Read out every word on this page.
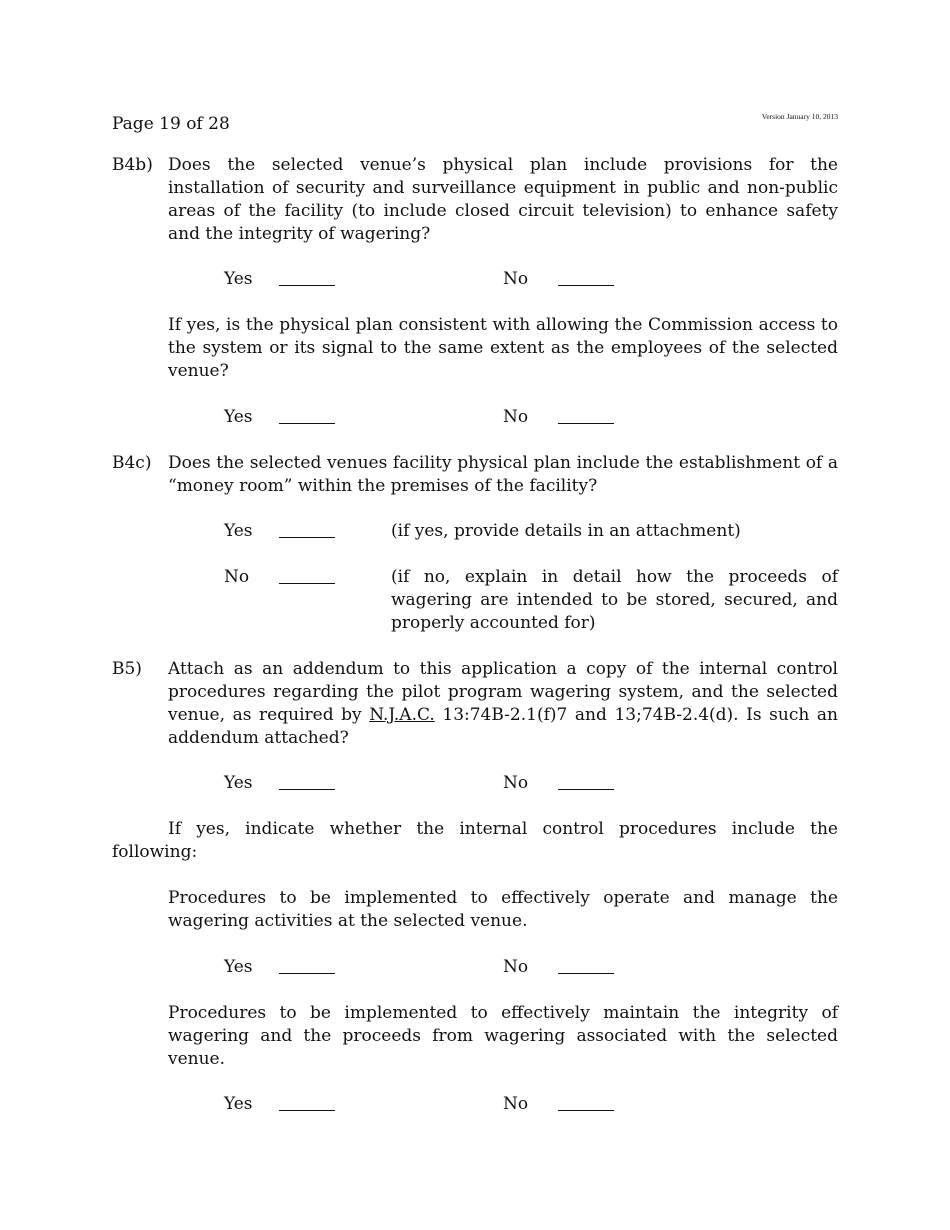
Page 19 of 28	Version January 10, 2013
B4b) Does the selected venue’s physical plan include provisions for the installation of security and surveillance equipment in public and non-public areas of the facility (to include closed circuit television) to enhance safety and the integrity of wagering?
Yes	No
If yes, is the physical plan consistent with allowing the Commission access to the system or its signal to the same extent as the employees of the selected venue?
Yes	No
B4c) Does the selected venues facility physical plan include the establishment of a “money room” within the premises of the facility?
Yes	(if yes, provide details in an attachment)
No	(if no, explain in detail how the proceeds of wagering are intended to be stored, secured, and properly accounted for)
B5) Attach as an addendum to this application a copy of the internal control procedures regarding the pilot program wagering system, and the selected venue, as required by N.J.A.C. 13:74B-2.1(f)7 and 13;74B-2.4(d). Is such an addendum attached?
Yes	No
If yes, indicate whether the internal control procedures include the following:
Procedures to be implemented to effectively operate and manage the wagering activities at the selected venue.
Yes	No
Procedures to be implemented to effectively maintain the integrity of wagering and the proceeds from wagering associated with the selected venue.
Yes	No
